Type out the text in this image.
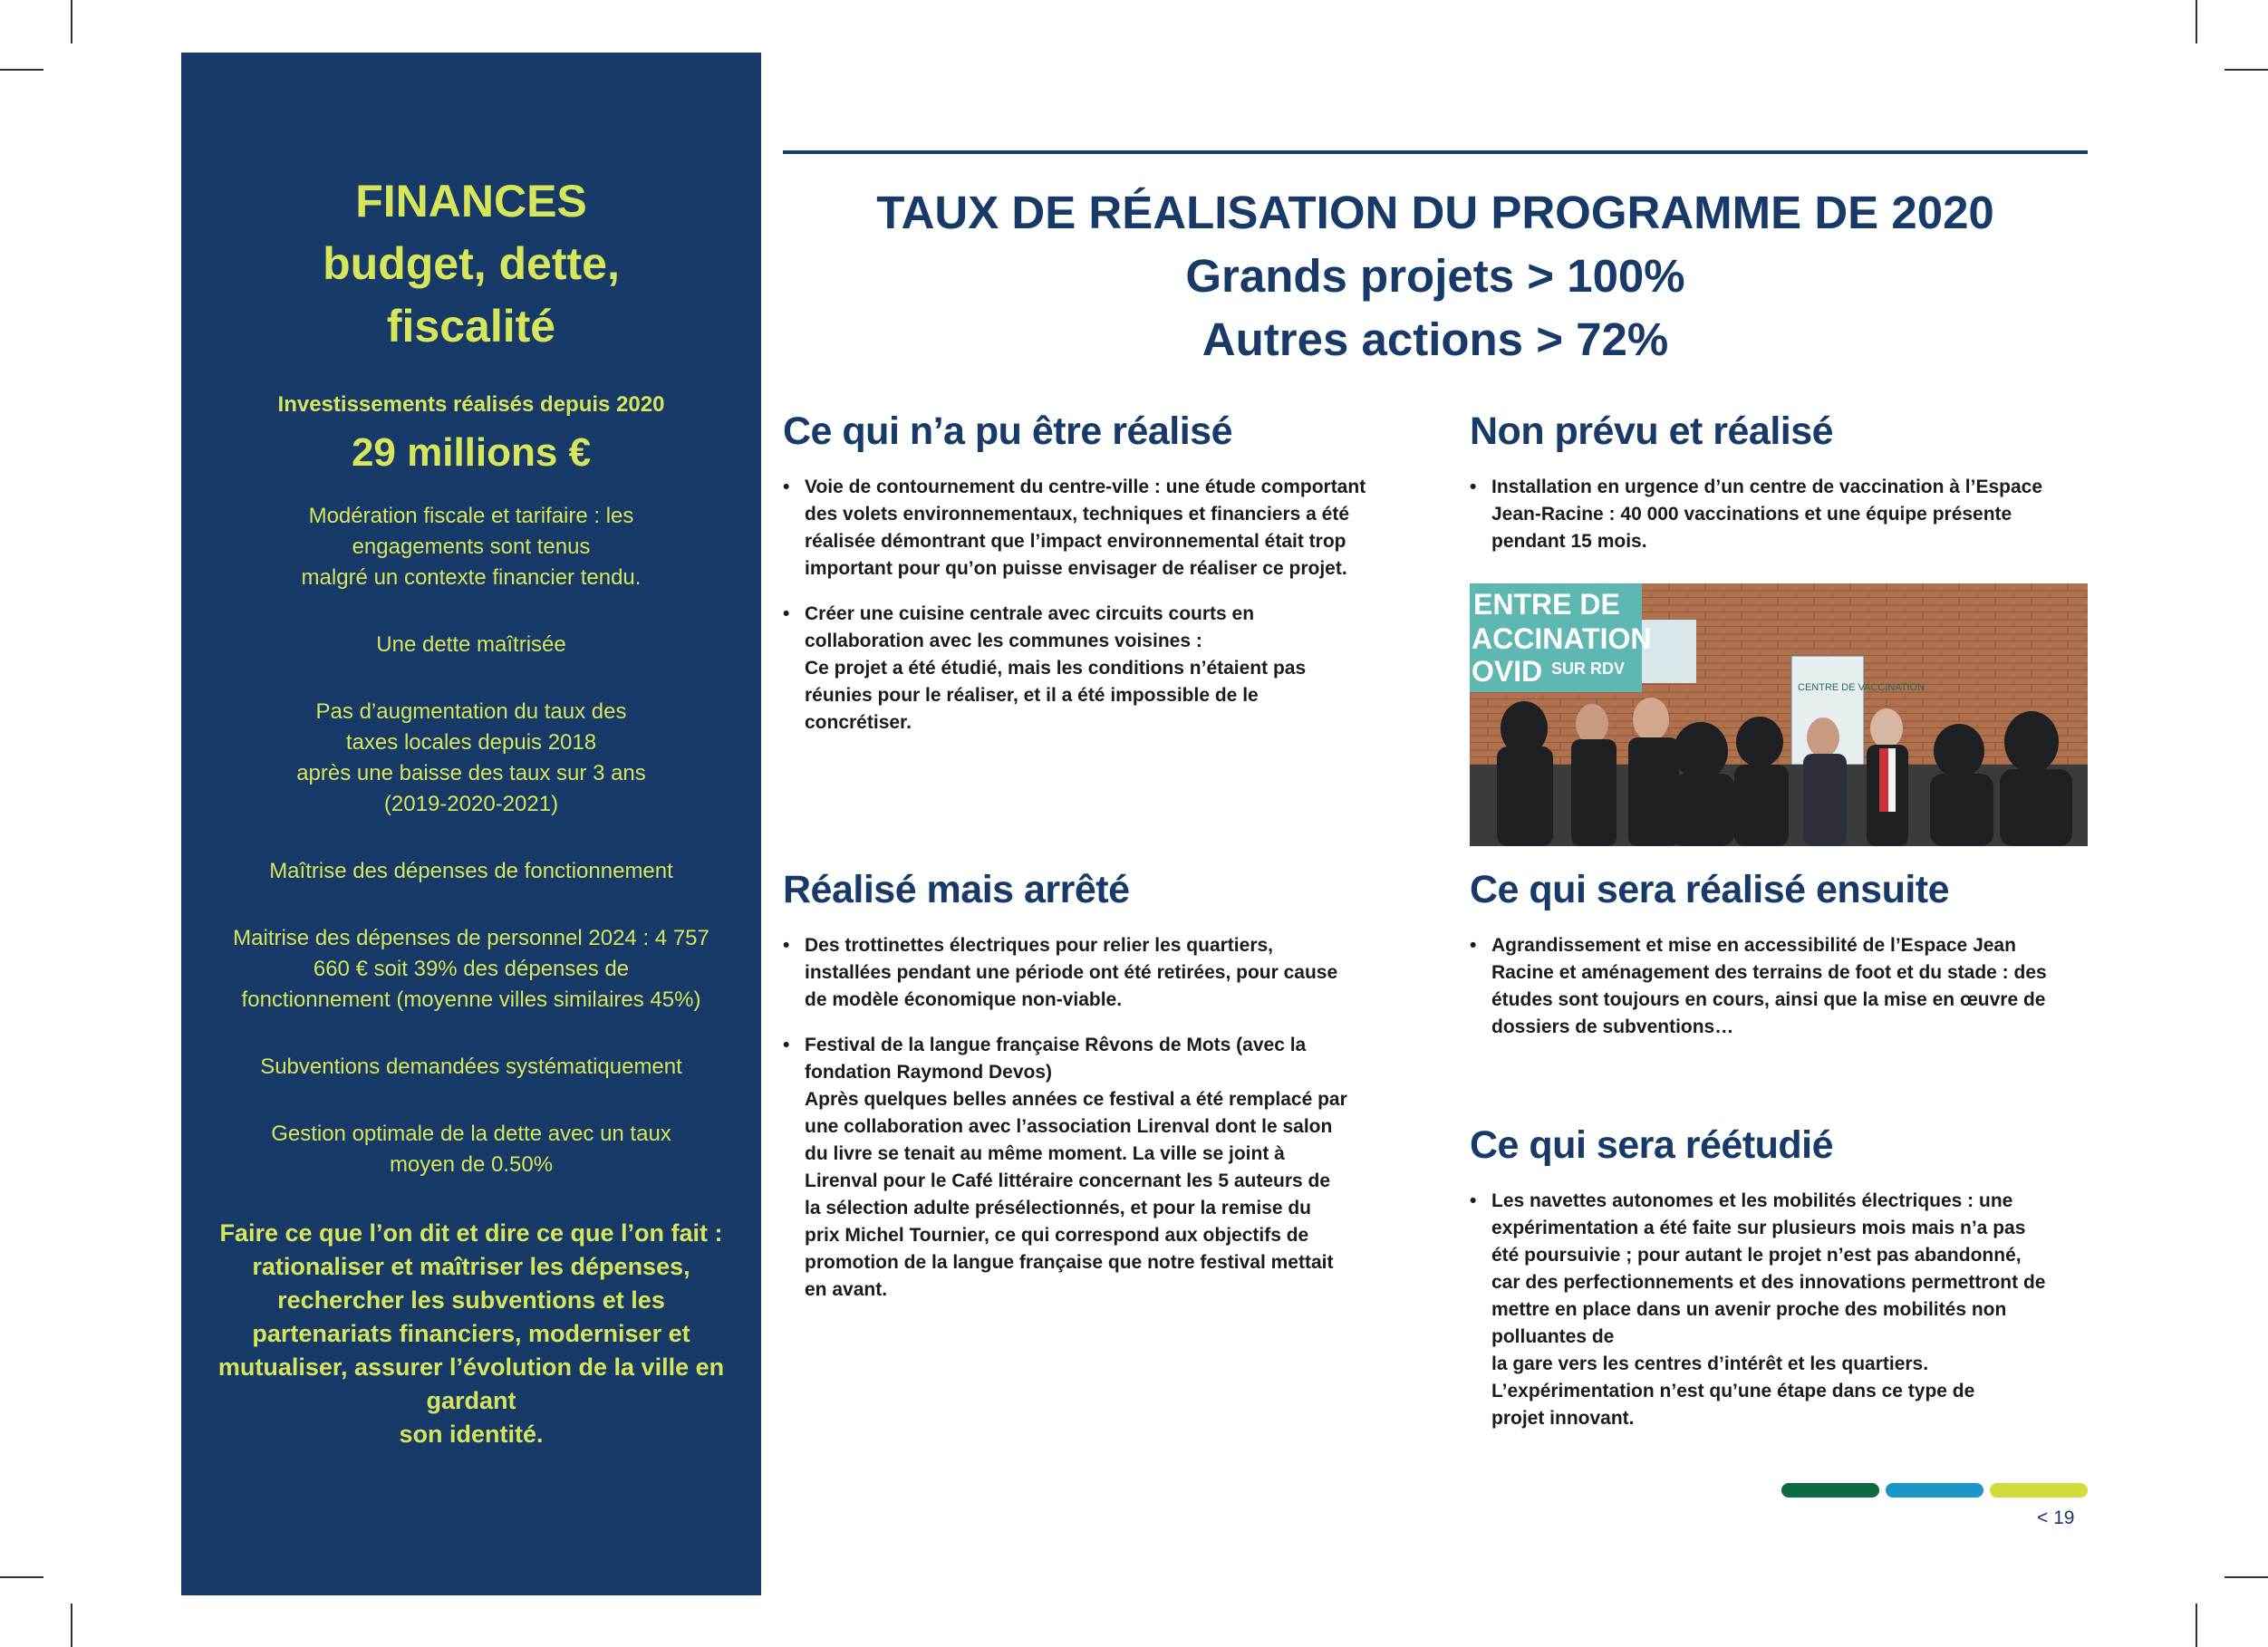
FINANCES
budget, dette,
fiscalité
Investissements réalisés depuis 2020
29 millions €
Modération fiscale et tarifaire : les
engagements sont tenus
malgré un contexte financier tendu.
Une dette maîtrisée
Pas d’augmentation du taux des
taxes locales depuis 2018
après une baisse des taux sur 3 ans
(2019-2020-2021)
Maîtrise des dépenses de fonctionnement
Maitrise des dépenses de personnel 2024 : 4 757
660 € soit 39% des dépenses de
fonctionnement (moyenne villes similaires 45%)
Subventions demandées systématiquement
Gestion optimale de la dette avec un taux
moyen de 0.50%
Faire ce que l’on dit et dire ce que l’on fait :
rationaliser et maîtriser les dépenses,
rechercher les subventions et les
partenariats financiers, moderniser et
mutualiser, assurer l’évolution de la ville en
gardant
son identité.
TAUX DE RÉALISATION DU PROGRAMME DE 2020
Grands projets > 100%
Autres actions > 72%
Ce qui n’a pu être réalisé
• Voie de contournement du centre-ville : une étude comportant
des volets environnementaux, techniques et financiers a été
réalisée démontrant que l’impact environnemental était trop
important pour qu’on puisse envisager de réaliser ce projet.
• Créer une cuisine centrale avec circuits courts en
collaboration avec les communes voisines :
Ce projet a été étudié, mais les conditions n’étaient pas
réunies pour le réaliser, et il a été impossible de le
concrétiser.
Non prévu et réalisé
• Installation en urgence d’un centre de vaccination à l’Espace
Jean-Racine : 40 000 vaccinations et une équipe présente
pendant 15 mois.
ENTRE DE
ACCINATION
OVID SUR RDV
CENTRE DE VACCINATION
Réalisé mais arrêté
• Des trottinettes électriques pour relier les quartiers,
installées pendant une période ont été retirées, pour cause
de modèle économique non-viable.
• Festival de la langue française Rêvons de Mots (avec la
fondation Raymond Devos)
Après quelques belles années ce festival a été remplacé par
une collaboration avec l’association Lirenval dont le salon
du livre se tenait au même moment. La ville se joint à
Lirenval pour le Café littéraire concernant les 5 auteurs de
la sélection adulte présélectionnés, et pour la remise du
prix Michel Tournier, ce qui correspond aux objectifs de
promotion de la langue française que notre festival mettait
en avant.
Ce qui sera réalisé ensuite
• Agrandissement et mise en accessibilité de l’Espace Jean
Racine et aménagement des terrains de foot et du stade : des
études sont toujours en cours, ainsi que la mise en œuvre de
dossiers de subventions…
Ce qui sera réétudié
• Les navettes autonomes et les mobilités électriques : une
expérimentation a été faite sur plusieurs mois mais n’a pas
été poursuivie ; pour autant le projet n’est pas abandonné,
car des perfectionnements et des innovations permettront de
mettre en place dans un avenir proche des mobilités non
polluantes de
la gare vers les centres d’intérêt et les quartiers.
L’expérimentation n’est qu’une étape dans ce type de
projet innovant.
< 19
